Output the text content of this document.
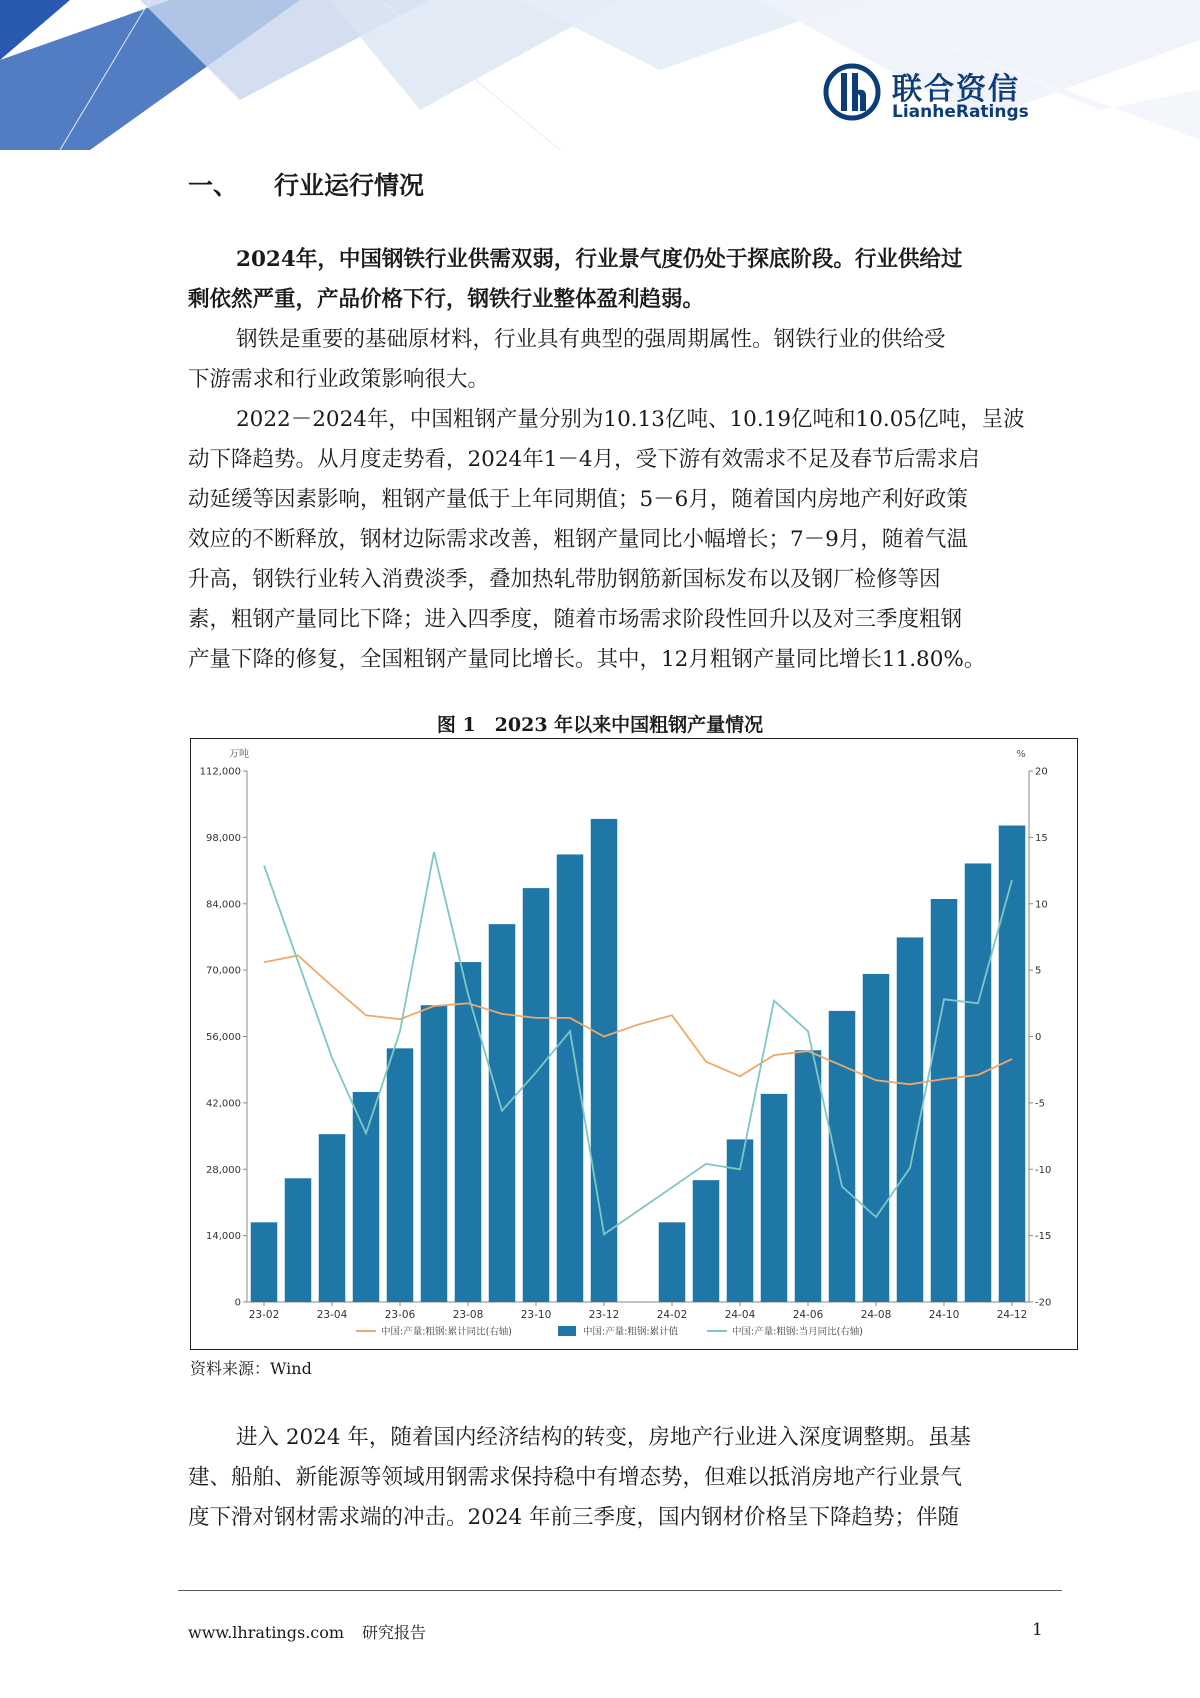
联合资信
LianheRatings
一、 行业运行情况

2024年，中国钢铁行业供需双弱，行业景气度仍处于探底阶段。行业供给过
剩依然严重，产品价格下行，钢铁行业整体盈利趋弱。

钢铁是重要的基础原材料，行业具有典型的强周期属性。钢铁行业的供给受
下游需求和行业政策影响很大。

2022－2024年，中国粗钢产量分别为10.13亿吨、10.19亿吨和10.05亿吨，呈波
动下降趋势。从月度走势看，2024年1－4月，受下游有效需求不足及春节后需求启
动延缓等因素影响，粗钢产量低于上年同期值；5－6月，随着国内房地产利好政策
效应的不断释放，钢材边际需求改善，粗钢产量同比小幅增长；7－9月，随着气温
升高，钢铁行业转入消费淡季，叠加热轧带肋钢筋新国标发布以及钢厂检修等因
素，粗钢产量同比下降；进入四季度，随着市场需求阶段性回升以及对三季度粗钢
产量下降的修复，全国粗钢产量同比增长。其中，12月粗钢产量同比增长11.80%。

图 1　2023 年以来中国粗钢产量情况
万吨	%
0
14,000
28,000
42,000
56,000
70,000
84,000
98,000
112,000
-20
-15
-10
-5
0
5
10
15
20
23-02	23-04	23-06	23-08	23-10	23-12	24-02	24-04	24-06	24-08	24-10	24-12
中国:产量:粗钢:累计同比(右轴)	中国:产量:粗钢:累计值	中国:产量:粗钢:当月同比(右轴)
资料来源：Wind

进入 2024 年，随着国内经济结构的转变，房地产行业进入深度调整期。虽基
建、船舶、新能源等领域用钢需求保持稳中有增态势，但难以抵消房地产行业景气
度下滑对钢材需求端的冲击。2024 年前三季度，国内钢材价格呈下降趋势；伴随

www.lhratings.com 研究报告	1
